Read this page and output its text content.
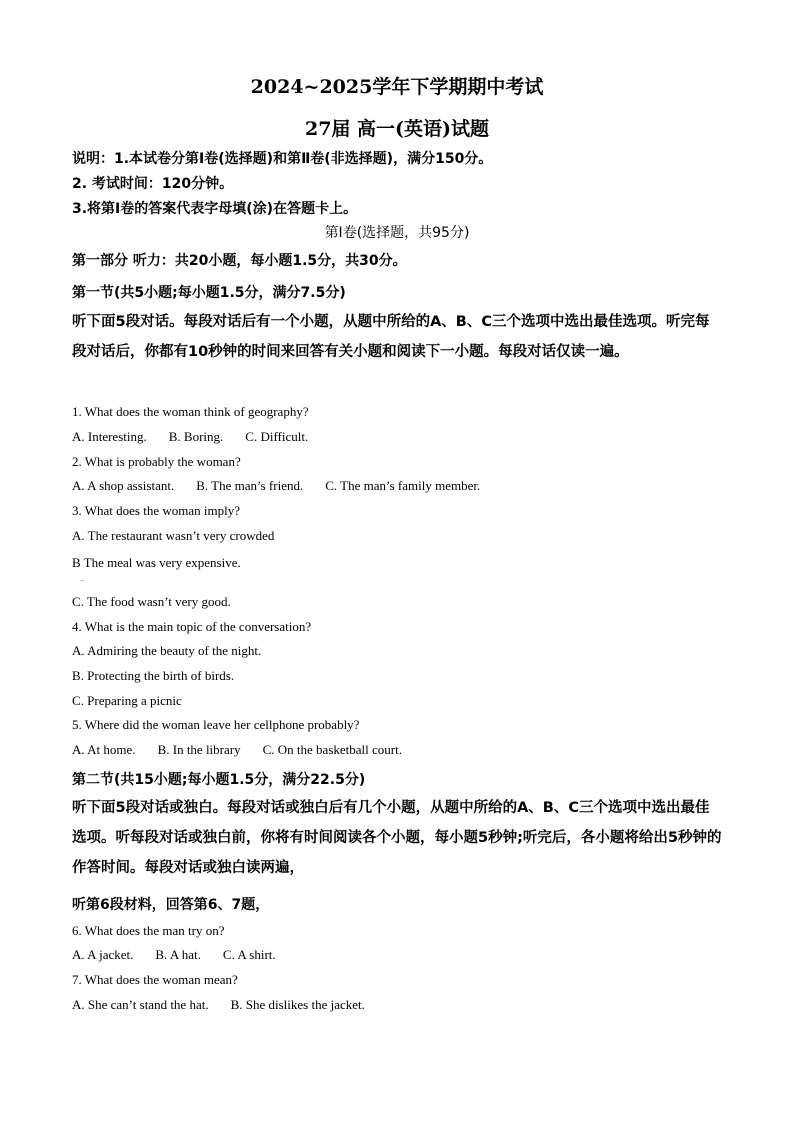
2024~2025学年下学期期中考试
27届 高一(英语)试题
说明：1.本试卷分第Ⅰ卷(选择题)和第Ⅱ卷(非选择题)，满分150分。
2. 考试时间：120分钟。
3.将第Ⅰ卷的答案代表字母填(涂)在答题卡上。
第Ⅰ卷(选择题，共95分)
第一部分 听力：共20小题，每小题1.5分，共30分。
第一节(共5小题;每小题1.5分，满分7.5分)
听下面5段对话。每段对话后有一个小题，从题中所给的A、B、C三个选项中选出最佳选项。听完每段对话后，你都有10秒钟的时间来回答有关小题和阅读下一小题。每段对话仅读一遍。
1. What does the woman think of geography?
A. Interesting. B. Boring. C. Difficult.
2. What is probably the woman?
A. A shop assistant. B. The man’s friend. C. The man’s family member.
3. What does the woman imply?
A. The restaurant wasn’t very crowded
B The meal was very expensive.
.
C. The food wasn’t very good.
4. What is the main topic of the conversation?
A. Admiring the beauty of the night.
B. Protecting the birth of birds.
C. Preparing a picnic
5. Where did the woman leave her cellphone probably?
A. At home. B. In the library C. On the basketball court.
第二节(共15小题;每小题1.5分，满分22.5分)
听下面5段对话或独白。每段对话或独白后有几个小题，从题中所给的A、B、C三个选项中选出最佳选项。听每段对话或独白前，你将有时间阅读各个小题，每小题5秒钟;听完后，各小题将给出5秒钟的作答时间。每段对话或独白读两遍，
听第6段材料，回答第6、7题，
6. What does the man try on?
A. A jacket. B. A hat. C. A shirt.
7. What does the woman mean?
A. She can’t stand the hat. B. She dislikes the jacket.
